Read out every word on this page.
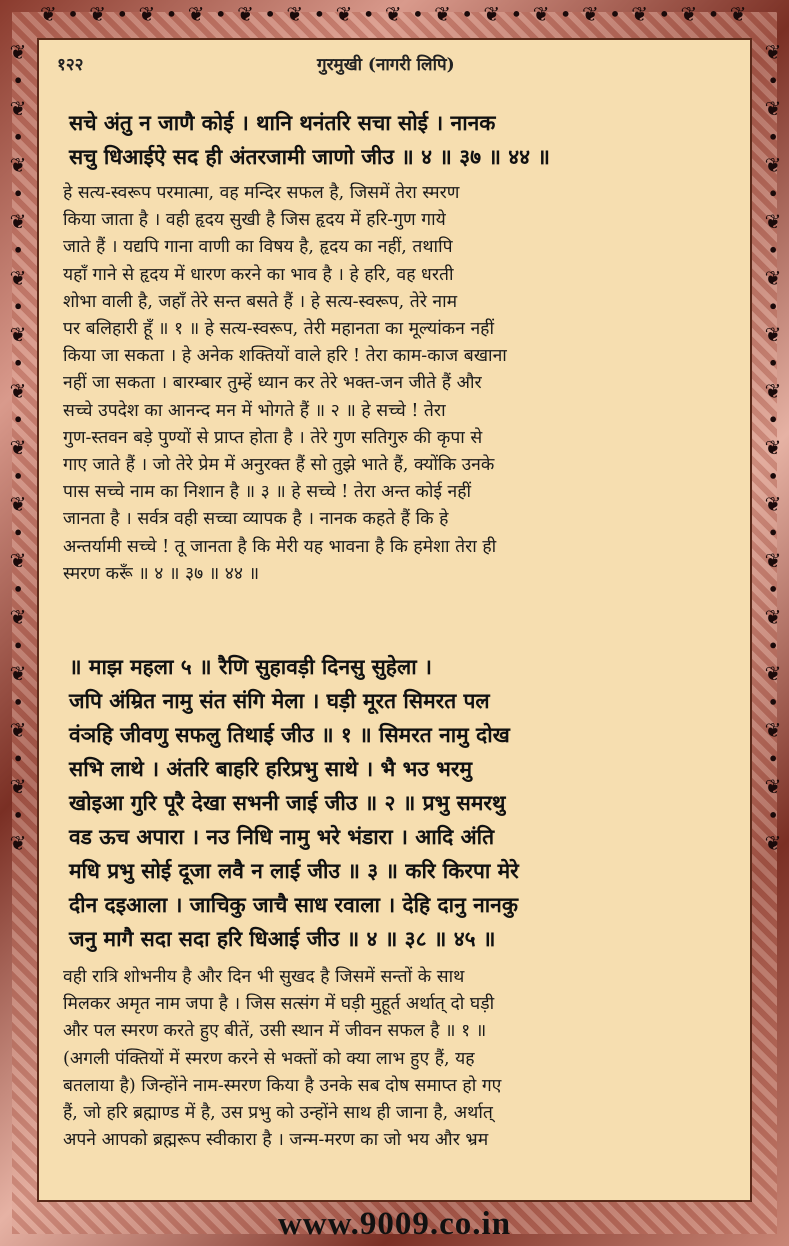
❦ • ❦ • ❦ • ❦ • ❦ • ❦ • ❦ • ❦ • ❦ • ❦ • ❦ • ❦ • ❦ • ❦ • ❦
❦ • ❦ • ❦ • ❦ • ❦ • ❦ • ❦ • ❦ • ❦ • ❦ • ❦ • ❦ • ❦ • ❦ • ❦	❦ • ❦ • ❦ • ❦ • ❦ • ❦ • ❦ • ❦ • ❦ • ❦ • ❦ • ❦ • ❦ • ❦ • ❦
१२२	गुरमुखी (नागरी लिपि)
सचे अंतु न जाणै कोई । थानि थनंतरि सचा सोई । नानक
सचु धिआईऐ सद ही अंतरजामी जाणो जीउ ॥ ४ ॥ ३७ ॥ ४४ ॥
हे सत्य-स्वरूप परमात्मा, वह मन्दिर सफल है, जिसमें तेरा स्मरण
किया जाता है । वही हृदय सुखी है जिस हृदय में हरि-गुण गाये
जाते हैं । यद्यपि गाना वाणी का विषय है, हृदय का नहीं, तथापि
यहाँ गाने से हृदय में धारण करने का भाव है । हे हरि, वह धरती
शोभा वाली है, जहाँ तेरे सन्त बसते हैं । हे सत्य-स्वरूप, तेरे नाम
पर बलिहारी हूँ ॥ १ ॥ हे सत्य-स्वरूप, तेरी महानता का मूल्यांकन नहीं
किया जा सकता । हे अनेक शक्तियों वाले हरि ! तेरा काम-काज बखाना
नहीं जा सकता । बारम्बार तुम्हें ध्यान कर तेरे भक्त-जन जीते हैं और
सच्चे उपदेश का आनन्द मन में भोगते हैं ॥ २ ॥ हे सच्चे ! तेरा
गुण-स्तवन बड़े पुण्यों से प्राप्त होता है । तेरे गुण सतिगुरु की कृपा से
गाए जाते हैं । जो तेरे प्रेम में अनुरक्त हैं सो तुझे भाते हैं, क्योंकि उनके
पास सच्चे नाम का निशान है ॥ ३ ॥ हे सच्चे ! तेरा अन्त कोई नहीं
जानता है । सर्वत्र वही सच्चा व्यापक है । नानक कहते हैं कि हे
अन्तर्यामी सच्चे ! तू जानता है कि मेरी यह भावना है कि हमेशा तेरा ही
स्मरण करूँ ॥ ४ ॥ ३७ ॥ ४४ ॥
॥ माझ महला ५ ॥ रैणि सुहावड़ी दिनसु सुहेला ।
जपि अंम्रित नामु संत संगि मेला । घड़ी मूरत सिमरत पल
वंञहि जीवणु सफलु तिथाई जीउ ॥ १ ॥ सिमरत नामु दोख
सभि लाथे । अंतरि बाहरि हरिप्रभु साथे । भै भउ भरमु
खोइआ गुरि पूरै देखा सभनी जाई जीउ ॥ २ ॥ प्रभु समरथु
वड ऊच अपारा । नउ निधि नामु भरे भंडारा । आदि अंति
मधि प्रभु सोई दूजा लवै न लाई जीउ ॥ ३ ॥ करि किरपा मेरे
दीन दइआला । जाचिकु जाचै साध रवाला । देहि दानु नानकु
जनु मागै सदा सदा हरि धिआई जीउ ॥ ४ ॥ ३८ ॥ ४५ ॥
वही रात्रि शोभनीय है और दिन भी सुखद है जिसमें सन्तों के साथ
मिलकर अमृत नाम जपा है । जिस सत्संग में घड़ी मुहूर्त अर्थात् दो घड़ी
और पल स्मरण करते हुए बीतें, उसी स्थान में जीवन सफल है ॥ १ ॥
(अगली पंक्तियों में स्मरण करने से भक्तों को क्या लाभ हुए हैं, यह
बतलाया है) जिन्होंने नाम-स्मरण किया है उनके सब दोष समाप्त हो गए
हैं, जो हरि ब्रह्माण्ड में है, उस प्रभु को उन्होंने साथ ही जाना है, अर्थात्
अपने आपको ब्रह्मरूप स्वीकारा है । जन्म-मरण का जो भय और भ्रम
www.9009.co.in
